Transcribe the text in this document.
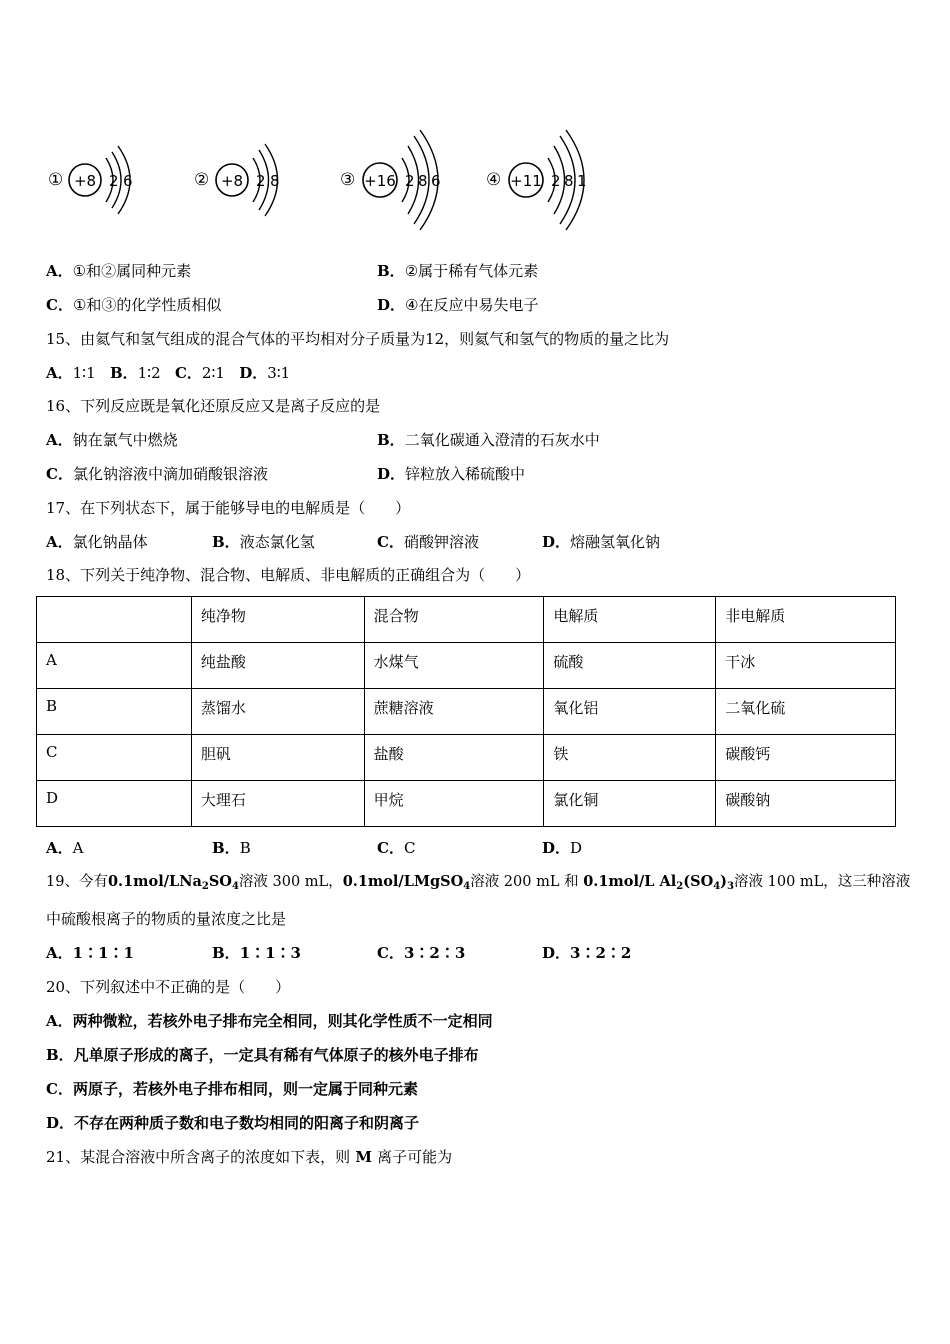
① +8 2 6	② +8 2 8	③ +16 2 8 6	④ +11 2 8 1
A．①和②属同种元素	B．②属于稀有气体元素
C．①和③的化学性质相似	D．④在反应中易失电子
15、由氦气和氢气组成的混合气体的平均相对分子质量为12，则氦气和氢气的物质的量之比为
A．1∶1 B．1∶2 C．2∶1 D．3∶1
16、下列反应既是氧化还原反应又是离子反应的是
A．钠在氯气中燃烧	B．二氧化碳通入澄清的石灰水中
C．氯化钠溶液中滴加硝酸银溶液	D．锌粒放入稀硫酸中
17、在下列状态下，属于能够导电的电解质是（　　）
A．氯化钠晶体	B．液态氯化氢	C．硝酸钾溶液	D．熔融氢氧化钠
18、下列关于纯净物、混合物、电解质、非电解质的正确组合为（　　）
	纯净物	混合物	电解质	非电解质
A	纯盐酸	水煤气	硫酸	干冰
B	蒸馏水	蔗糖溶液	氧化铝	二氧化硫
C	胆矾	盐酸	铁	碳酸钙
D	大理石	甲烷	氯化铜	碳酸钠
A．A	B．B	C．C	D．D
19、今有$0.1mol/LNa_2SO_4$溶液 300 mL，0.1mol/LMgSO$_4$溶液 200 mL 和 0.1mol/L $Al_2(SO_4)_3$溶液 100 mL，这三种溶液
中硫酸根离子的物质的量浓度之比是
A．1∶1∶1	B．1∶1∶3	C．3∶2∶3	D．3∶2∶2
20、下列叙述中不正确的是（　　）
A．两种微粒，若核外电子排布完全相同，则其化学性质不一定相同
B．凡单原子形成的离子，一定具有稀有气体原子的核外电子排布
C．两原子，若核外电子排布相同，则一定属于同种元素
D．不存在两种质子数和电子数均相同的阳离子和阴离子
21、某混合溶液中所含离子的浓度如下表，则 M 离子可能为
